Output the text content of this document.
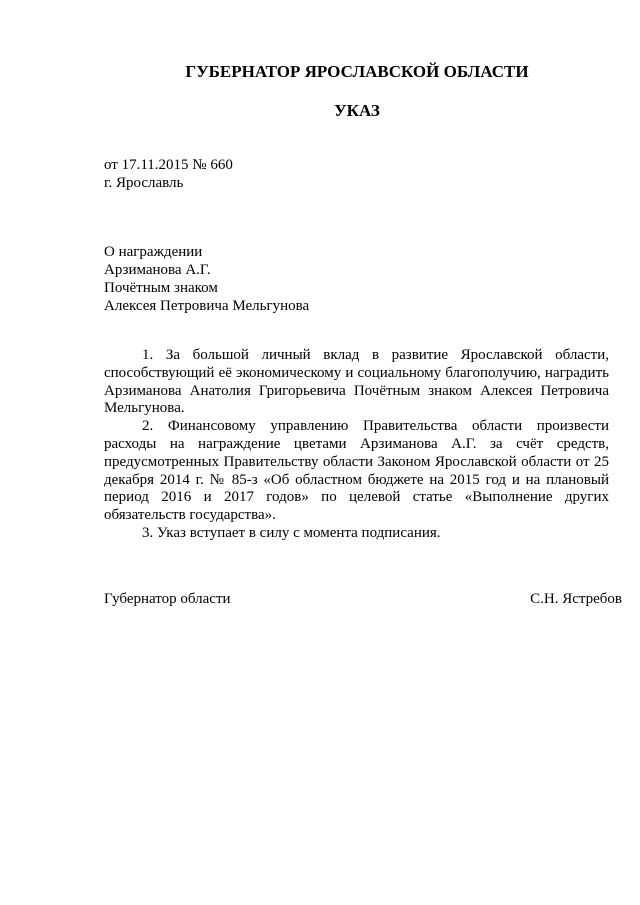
ГУБЕРНАТОР ЯРОСЛАВСКОЙ ОБЛАСТИ
УКАЗ

от 17.11.2015 № 660

г. Ярославль

О награждении

Арзиманова А.Г.

Почётным знаком

Алексея Петровича Мельгунова

1. За большой личный вклад в развитие Ярославской области, способствующий её экономическому и социальному благополучию, наградить Арзиманова Анатолия Григорьевича Почётным знаком Алексея Петровича Мельгунова.

2. Финансовому управлению Правительства области произвести расходы на награждение цветами Арзиманова А.Г. за счёт средств, предусмотренных Правительству области Законом Ярославской области от 25 декабря 2014 г. № 85-з «Об областном бюджете на 2015 год и на плановый период 2016 и 2017 годов» по целевой статье «Выполнение других обязательств государства».

3. Указ вступает в силу с момента подписания.

Губернатор области	С.Н. Ястребов
